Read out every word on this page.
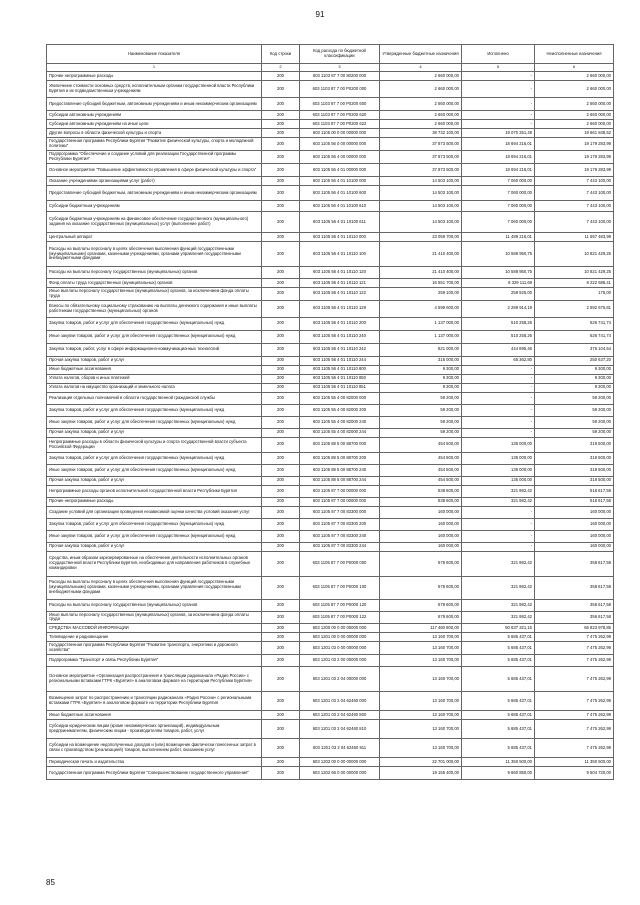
91
Наименование показателя	Код строки	Код расхода по бюджетной классификации	Утвержденные бюджетные назначения	Исполнено	Неисполненные назначения
1	2	3	4	5	6
Прочие непрограммные расходы	200	603 1103 87 7 00 80200 000	2 660 000,00	-	2 660 000,00
Увеличение стоимости основных средств, исполнительным органам государственной власти Республики Бурятия и их подведомственным учреждениям	200	603 1103 87 7 00 Р0200 000	2 660 000,00	-	2 660 000,00
Предоставление субсидий бюджетным, автономным учреждениям и иным некоммерческим организациям	200	603 1103 87 7 00 Р0200 600	2 660 000,00	-	2 660 000,00
Субсидии автономным учреждениям	200	603 1103 87 7 00 Р0200 620	2 660 000,00	-	2 660 000,00
Субсидии автономным учреждениям на иные цели	200	603 1103 87 7 00 Р0200 622	2 660 000,00	-	2 660 000,00
Другие вопросы в области физической культуры и спорта	200	603 1105 00 0 00 00000 000	38 732 100,00	19 070 251,48	19 661 848,52
Государственная программа Республики Бурятия "Развитие физической культуры, спорта и молодежной политики"	200	603 1105 56 0 00 00000 000	37 873 500,00	18 694 216,01	19 179 283,99
Подпрограмма "Обеспечение и создание условий для реализации Государственной программы Республики Бурятия"	200	603 1105 56 4 00 00000 000	37 873 500,00	18 694 216,01	19 179 283,99
Основное мероприятие "Повышение эффективности управления в сфере физической культуры и спорта"	200	603 1105 56 4 01 00000 000	37 873 500,00	18 694 216,01	19 179 283,99
Оказание учреждениями организациями услуг (работ)	200	603 1105 56 4 01 10100 000	14 503 100,00	7 060 000,00	7 443 100,00
Предоставление субсидий бюджетным, автономным учреждениям и иным некоммерческим организациям	200	603 1105 56 4 01 10100 600	14 503 100,00	7 060 000,00	7 443 100,00
Субсидии бюджетным учреждениям	200	603 1105 56 4 01 10100 610	14 503 100,00	7 060 000,00	7 443 100,00
Субсидии бюджетным учреждениям на финансовое обеспечение государственного (муниципального) задания на оказание государственных (муниципальных) услуг (выполнение работ)	200	603 1105 56 4 01 10100 611	14 503 100,00	7 060 000,00	7 443 100,00
Центральный аппарат	200	603 1105 56 4 01 10110 000	23 059 700,00	11 489 216,01	11 557 483,99
Расходы на выплаты персоналу в целях обеспечения выполнения функций государственными (муниципальными) органами, казенными учреждениями, органами управления государственными внебюджетными фондами	200	603 1105 56 4 01 10110 100	21 410 400,00	10 588 950,75	10 821 429,25
Расходы на выплаты персоналу государственных (муниципальных) органов	200	603 1105 56 4 01 10110 120	21 410 400,00	10 588 950,75	10 821 429,25
Фонд оплаты труда государственных (муниципальных) органов	200	603 1105 56 4 01 10110 121	16 551 700,00	8 329 111,69	8 222 588,41
Иные выплаты персоналу государственных (муниципальных) органов, за исключением фонда оплаты труда	200	603 1105 56 4 01 10110 122	259 100,00	258 925,00	175,00
Взносы по обязательному социальному страхованию на выплаты денежного содержания и иные выплаты работникам государственных (муниципальных) органов	200	603 1105 56 4 01 10110 129	4 599 600,00	2 289 914,19	2 592 675,81
Закупка товаров, работ и услуг для обеспечения государственных (муниципальных) нужд	200	603 1105 56 4 01 10110 200	1 137 000,00	510 258,26	626 741,74
Иные закупки товаров, работ и услуг для обеспечения государственных (муниципальных) нужд	200	603 1105 56 4 01 10110 240	1 137 000,00	510 258,26	626 741,74
Закупка товаров, работ, услуг в сфере информационно-коммуникационных технологий	200	603 1105 56 4 01 10110 242	821 000,00	444 895,46	376 104,54
Прочая закупка товаров, работ и услуг	200	603 1105 56 4 01 10110 244	316 000,00	65 362,80	250 637,20
Иные бюджетные ассигнования	200	603 1105 56 4 01 10110 800	9 300,00	-	9 300,00
Уплата налогов, сборов и иных платежей	200	603 1105 56 4 01 10110 850	9 300,00	-	9 300,00
Уплата налогов на имущество организаций и земельного налога	200	603 1105 56 4 01 10110 851	9 300,00	-	9 300,00
Реализация отдельных полномочий в области государственной гражданской службы	200	603 1105 55 4 00 82000 000	59 200,00	-	59 200,00
Закупка товаров, работ и услуг для обеспечения государственных (муниципальных) нужд	200	603 1105 55 4 00 82000 200	59 200,00	-	59 200,00
Иные закупки товаров, работ и услуг для обеспечения государственных (муниципальных) нужд	200	603 1105 55 4 00 82000 240	59 200,00	-	59 200,00
Прочая закупка товаров, работ и услуг	200	603 1105 55 4 00 82000 244	59 200,00	-	59 200,00
Непрограммные расходы в области физической культуры и спорта государственной власти субъекта Российской Федерации	200	603 1105 88 5 00 88700 000	454 500,00	135 000,00	319 500,00
Закупка товаров, работ и услуг для обеспечения государственных (муниципальных) нужд	200	603 1105 88 5 00 88700 200	454 500,00	135 000,00	319 500,00
Иные закупки товаров, работ и услуг для обеспечения государственных (муниципальных) нужд	200	603 1105 88 5 00 88700 240	454 500,00	135 000,00	319 500,00
Прочая закупка товаров, работ и услуг	200	603 1105 88 5 00 88700 244	454 500,00	135 000,00	319 500,00
Непрограммные расходы органов исполнительной государственной власти Республики Бурятия	200	603 1105 87 7 00 00000 000	838 600,00	321 982,42	516 617,58
Прочие непрограммные расходы	200	603 1105 87 7 00 00000 000	838 600,00	321 982,42	516 617,58
Создание условий для организации проведения независимой оценки качества условий оказания услуг	200	603 1105 87 7 00 83300 000	160 000,00	-	160 000,00
Закупка товаров, работ и услуг для обеспечения государственных (муниципальных) нужд	200	603 1105 87 7 00 83300 200	160 000,00	-	160 000,00
Иные закупки товаров, работ и услуг для обеспечения государственных (муниципальных) нужд	200	603 1105 87 7 00 83300 240	160 000,00	-	160 000,00
Прочая закупка товаров, работ и услуг	200	603 1105 87 7 00 83300 244	160 000,00	-	160 000,00
Средства, иным образом зарезервированные на обеспечение деятельности исполнительных органов государственной власти Республики Бурятия, необходимые для направления работников в служебные командировки	200	603 1105 87 7 00 Р0000 000	678 600,00	321 982,42	356 617,58
Расходы на выплаты персоналу в целях обеспечения выполнения функций государственными (муниципальными) органами, казенными учреждениями, органами управления государственными внебюджетными фондами	200	603 1105 87 7 00 Р0000 100	678 600,00	321 982,42	356 617,58
Расходы на выплаты персоналу государственных (муниципальных) органов	200	603 1105 87 7 00 Р0000 120	678 600,00	321 982,42	356 617,58
Иные выплаты персоналу государственных (муниципальных) органов, за исключением фонда оплаты труда	200	603 1105 87 7 00 Р0000 122	678 600,00	321 982,42	356 617,58
СРЕДСТВА МАССОВОЙ ИНФОРМАЦИИ	200	603 1200 00 0 00 00000 000	117 460 800,00	50 637 321,15	66 823 978,85
Телевидение и радиовещание	200	603 1201 00 0 00 00000 000	13 160 700,00	5 685 437,01	7 475 262,99
Государственная программа Республики Бурятия "Развитие транспорта, энергетики и дорожного хозяйства"	200	603 1201 03 0 00 00000 000	13 160 700,00	5 685 437,01	7 475 262,99
Подпрограмма "Транспорт и связь Республики Бурятия"	200	603 1201 03 2 00 00000 000	13 160 700,00	5 685 437,01	7 475 262,99
Основное мероприятие «Организация распространения и трансляции радиоканала «Радио России» с региональными вставками ГТРК «Бурятия» в аналоговом формате на территории Республики Бурятия»	200	603 1201 03 2 04 00000 000	13 160 700,00	5 685 437,01	7 475 262,99
Возмещение затрат по распространению и трансляции радиоканала «Радио России» с региональными вставками ГТРК «Бурятия» в аналоговом формате на территории Республики Бурятия	200	603 1201 03 2 04 62460 000	13 160 700,00	5 685 437,01	7 475 262,99
Иные бюджетные ассигнования	200	603 1201 03 2 04 62460 800	13 160 700,00	5 685 437,01	7 475 262,99
Субсидии юридическим лицам (кроме некоммерческих организаций), индивидуальным предпринимателям, физическим лицам - производителям товаров, работ, услуг	200	603 1201 03 2 04 62460 810	13 160 700,00	5 685 437,01	7 475 262,99
Субсидии на возмещение недополученных доходов и (или) возмещение фактически понесенных затрат в связи с производством (реализацией) товаров, выполнением работ, оказанием услуг	200	603 1201 03 2 04 62460 811	13 160 700,00	5 685 437,01	7 475 262,99
Периодическая печать и издательства	200	603 1202 00 0 00 00000 000	22 701 000,00	11 350 500,00	11 350 500,00
Государственная программа Республики Бурятия "Совершенствование государственного управления"	200	603 1202 66 0 00 00000 000	19 155 400,00	9 660 850,00	9 504 720,00
85
